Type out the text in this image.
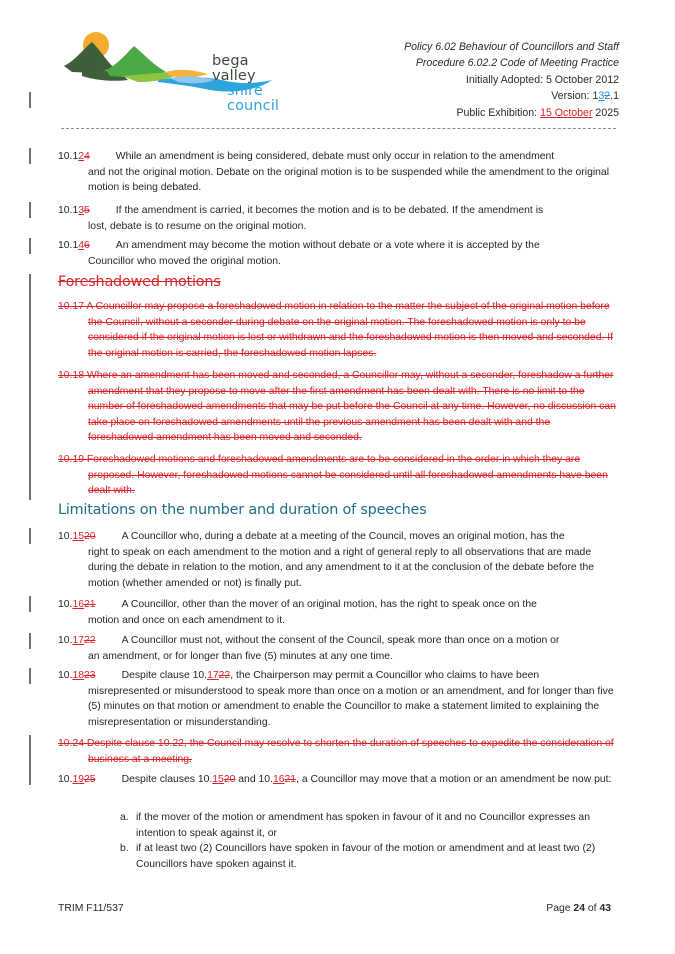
bega valley
shire council
Policy 6.02 Behaviour of Councillors and Staff
Procedure 6.02.2 Code of Meeting Practice
Initially Adopted: 5 October 2012
Version: 132.1
Public Exhibition: 15 October 2025
10.124	While an amendment is being considered, debate must only occur in relation to the amendment
and not the original motion. Debate on the original motion is to be suspended while the amendment to the original motion is being debated.
10.135	If the amendment is carried, it becomes the motion and is to be debated. If the amendment is
lost, debate is to resume on the original motion.
10.146	An amendment may become the motion without debate or a vote where it is accepted by the
Councillor who moved the original motion.
Foreshadowed motions
10.17 A Councillor may propose a foreshadowed motion in relation to the matter the subject of the original motion before the Council, without a seconder during debate on the original motion. The foreshadowed motion is only to be considered if the original motion is lost or withdrawn and the foreshadowed motion is then moved and seconded. If the original motion is carried, the foreshadowed motion lapses.
10.18 Where an amendment has been moved and seconded, a Councillor may, without a seconder, foreshadow a further amendment that they propose to move after the first amendment has been dealt with. There is no limit to the number of foreshadowed amendments that may be put before the Council at any time. However, no discussion can take place on foreshadowed amendments until the previous amendment has been dealt with and the foreshadowed amendment has been moved and seconded.
10.19 Foreshadowed motions and foreshadowed amendments are to be considered in the order in which they are proposed. However, foreshadowed motions cannot be considered until all foreshadowed amendments have been dealt with.
Limitations on the number and duration of speeches
10.1520	A Councillor who, during a debate at a meeting of the Council, moves an original motion, has the
right to speak on each amendment to the motion and a right of general reply to all observations that are made during the debate in relation to the motion, and any amendment to it at the conclusion of the debate before the motion (whether amended or not) is finally put.
10.1621	A Councillor, other than the mover of an original motion, has the right to speak once on the
motion and once on each amendment to it.
10.1722	A Councillor must not, without the consent of the Council, speak more than once on a motion or
an amendment, or for longer than five (5) minutes at any one time.
10.1823	Despite clause 10.1722, the Chairperson may permit a Councillor who claims to have been
misrepresented or misunderstood to speak more than once on a motion or an amendment, and for longer than five (5) minutes on that motion or amendment to enable the Councillor to make a statement limited to explaining the misrepresentation or misunderstanding.
10.24 Despite clause 10.22, the Council may resolve to shorten the duration of speeches to expedite the consideration of business at a meeting.
10.1925	Despite clauses 10.1520 and 10.1621, a Councillor may move that a motion or an amendment be now put:
a. if the mover of the motion or amendment has spoken in favour of it and no Councillor expresses an intention to speak against it, or
b. if at least two (2) Councillors have spoken in favour of the motion or amendment and at least two (2) Councillors have spoken against it.
TRIM F11/537	Page 24 of 43
